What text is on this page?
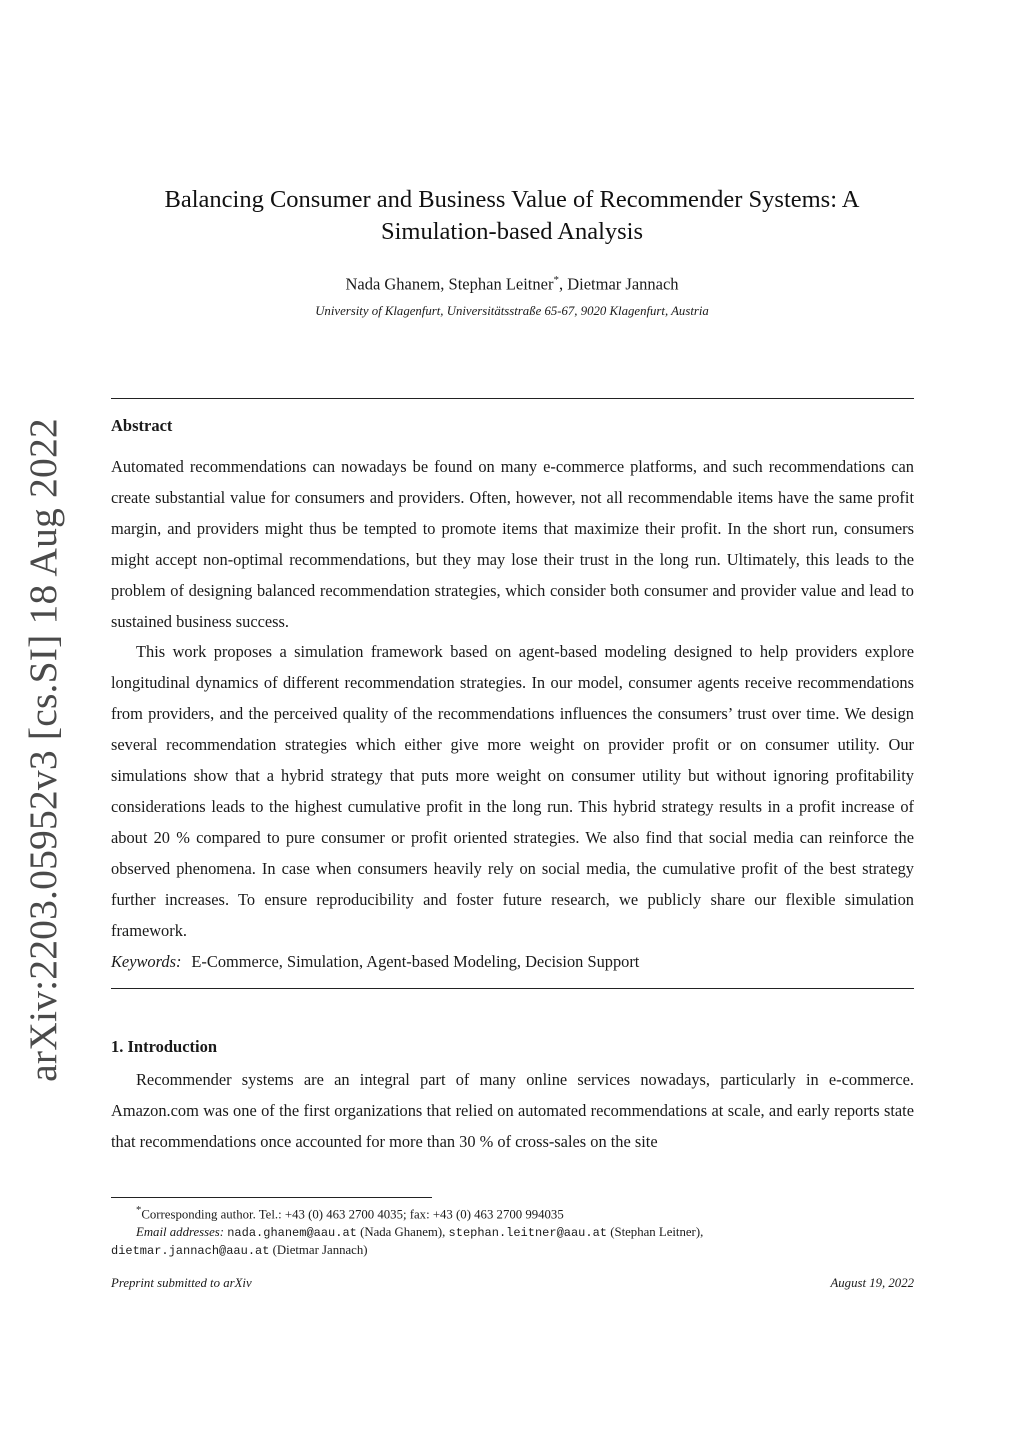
arXiv:2203.05952v3 [cs.SI] 18 Aug 2022
Balancing Consumer and Business Value of Recommender Systems: A
Simulation-based Analysis
Nada Ghanem, Stephan Leitner*, Dietmar Jannach
University of Klagenfurt, Universitätsstraße 65-67, 9020 Klagenfurt, Austria
Abstract

Automated recommendations can nowadays be found on many e-commerce platforms, and such recommendations can create substantial value for consumers and providers. Often, however, not all recommendable items have the same profit margin, and providers might thus be tempted to promote items that maximize their profit. In the short run, consumers might accept non-optimal recommendations, but they may lose their trust in the long run. Ultimately, this leads to the problem of designing balanced recommendation strategies, which consider both consumer and provider value and lead to sustained business success.

This work proposes a simulation framework based on agent-based modeling designed to help providers explore longitudinal dynamics of different recommendation strategies. In our model, consumer agents receive recommendations from providers, and the perceived quality of the recommendations influences the consumers’ trust over time. We design several recommendation strategies which either give more weight on provider profit or on consumer utility. Our simulations show that a hybrid strategy that puts more weight on consumer utility but without ignoring profitability considerations leads to the highest cumulative profit in the long run. This hybrid strategy results in a profit increase of about 20 % compared to pure consumer or profit oriented strategies. We also find that social media can reinforce the observed phenomena. In case when consumers heavily rely on social media, the cumulative profit of the best strategy further increases. To ensure reproducibility and foster future research, we publicly share our flexible simulation framework.

Keywords: E-Commerce, Simulation, Agent-based Modeling, Decision Support
1. Introduction

Recommender systems are an integral part of many online services nowadays, particularly in e-commerce. Amazon.com was one of the first organizations that relied on automated recommendations at scale, and early reports state that recommendations once accounted for more than 30 % of cross-sales on the site

*Corresponding author. Tel.: +43 (0) 463 2700 4035; fax: +43 (0) 463 2700 994035
Email addresses: nada.ghanem@aau.at (Nada Ghanem), stephan.leitner@aau.at (Stephan Leitner),
dietmar.jannach@aau.at (Dietmar Jannach)
Preprint submitted to arXiv	August 19, 2022
